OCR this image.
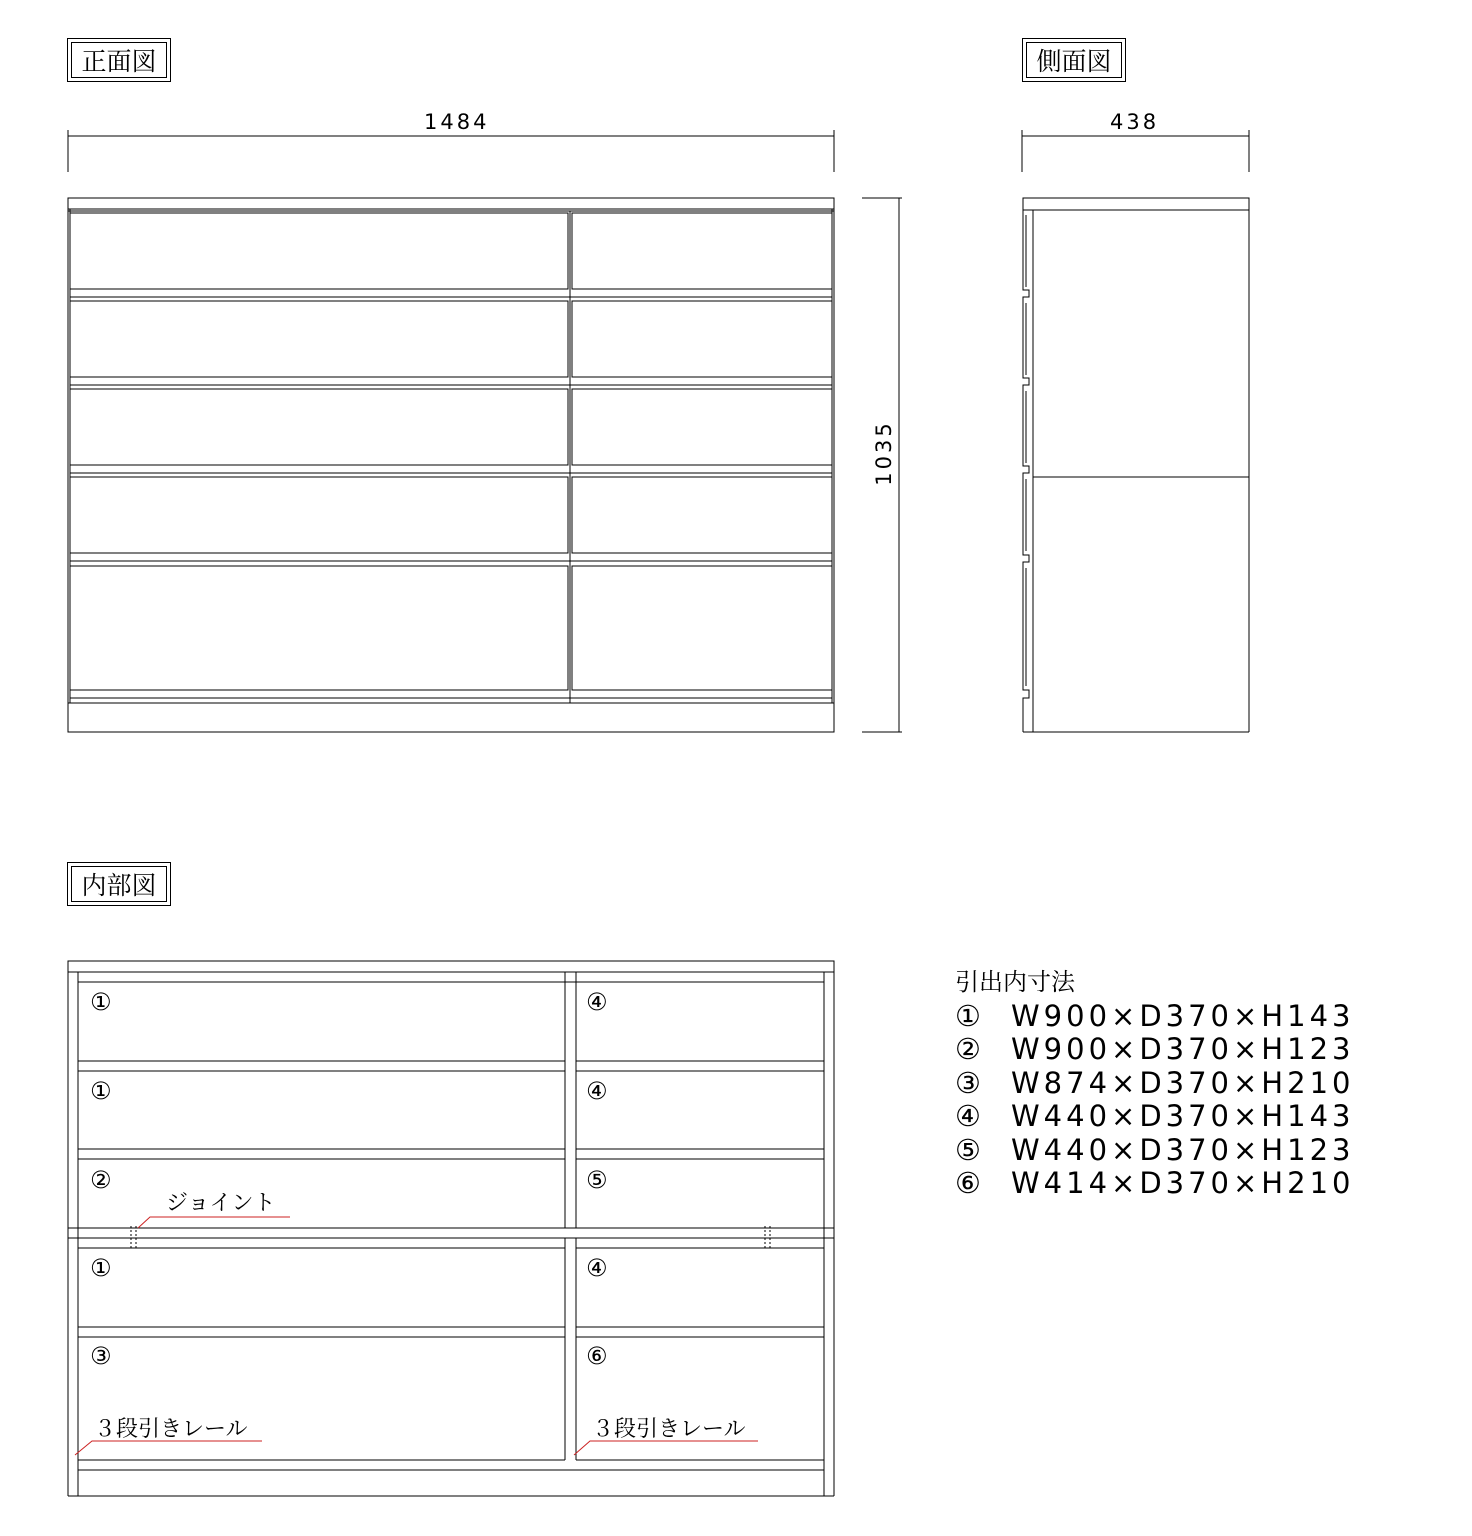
正面図	側面図
内部図
1484	438
1035
①
①
②
①
③
④
④
⑤
④
⑥
ジョイント
３段引きレール	３段引きレール
引出内寸法
① W900×D370×H143
② W900×D370×H123
③ W874×D370×H210
④ W440×D370×H143
⑤ W440×D370×H123
⑥ W414×D370×H210
